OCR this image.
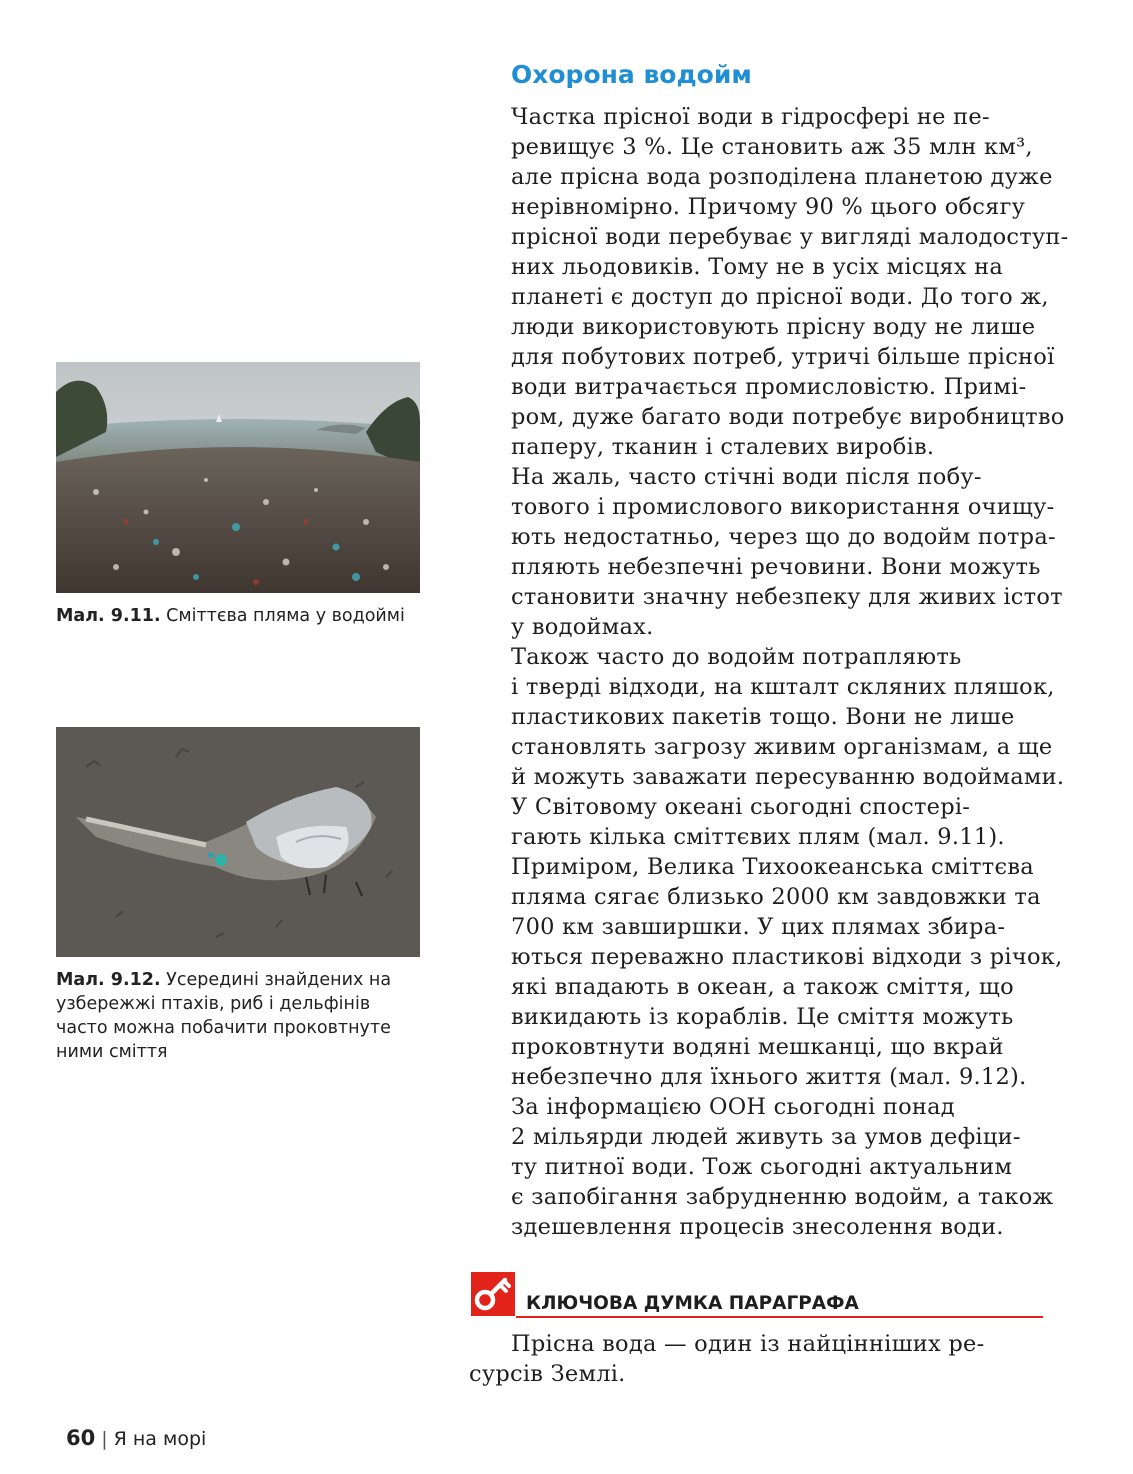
Охорона водойм

Частка прісної води в гідросфері не пе-
ревищує 3 %. Це становить аж 35 млн км³,
але прісна вода розподілена планетою дуже
нерівномірно. Причому 90 % цього обсягу
прісної води перебуває у вигляді малодоступ-
них льодовиків. Тому не в усіх місцях на
планеті є доступ до прісної води. До того ж,
люди використовують прісну воду не лише
для побутових потреб, утричі більше прісної
води витрачається промисловістю. Примі-
ром, дуже багато води потребує виробництво
паперу, тканин і сталевих виробів.

На жаль, часто стічні води після побу-
тового і промислового використання очищу-
ють недостатньо, через що до водойм потра-
пляють небезпечні речовини. Вони можуть
становити значну небезпеку для живих істот
у водоймах.

Також часто до водойм потрапляють
і тверді відходи, на кшталт скляних пляшок,
пластикових пакетів тощо. Вони не лише
становлять загрозу живим організмам, а ще
й можуть заважати пересуванню водоймами.

У Світовому океані сьогодні спостері-
гають кілька сміттєвих плям (мал. 9.11).
Приміром, Велика Тихоокеанська сміттєва
пляма сягає близько 2000 км завдовжки та
700 км завширшки. У цих плямах збира-
ються переважно пластикові відходи з річок,
які впадають в океан, а також сміття, що
викидають із кораблів. Це сміття можуть
проковтнути водяні мешканці, що вкрай
небезпечно для їхнього життя (мал. 9.12).

За інформацією ООН сьогодні понад
2 мільярди людей живуть за умов дефіци-
ту питної води. Тож сьогодні актуальним
є запобігання забрудненню водойм, а також
здешевлення процесів знесолення води.

Мал. 9.11. Сміттєва пляма у водоймі
Мал. 9.12. Усередині знайдених на узбережжі птахів, риб і дельфінів часто можна побачити проковтнуте ними сміття
КЛЮЧОВА ДУМКА ПАРАГРАФА
Прісна вода — один із найцінніших ре-
сурсів Землі.
60 | Я на морі
